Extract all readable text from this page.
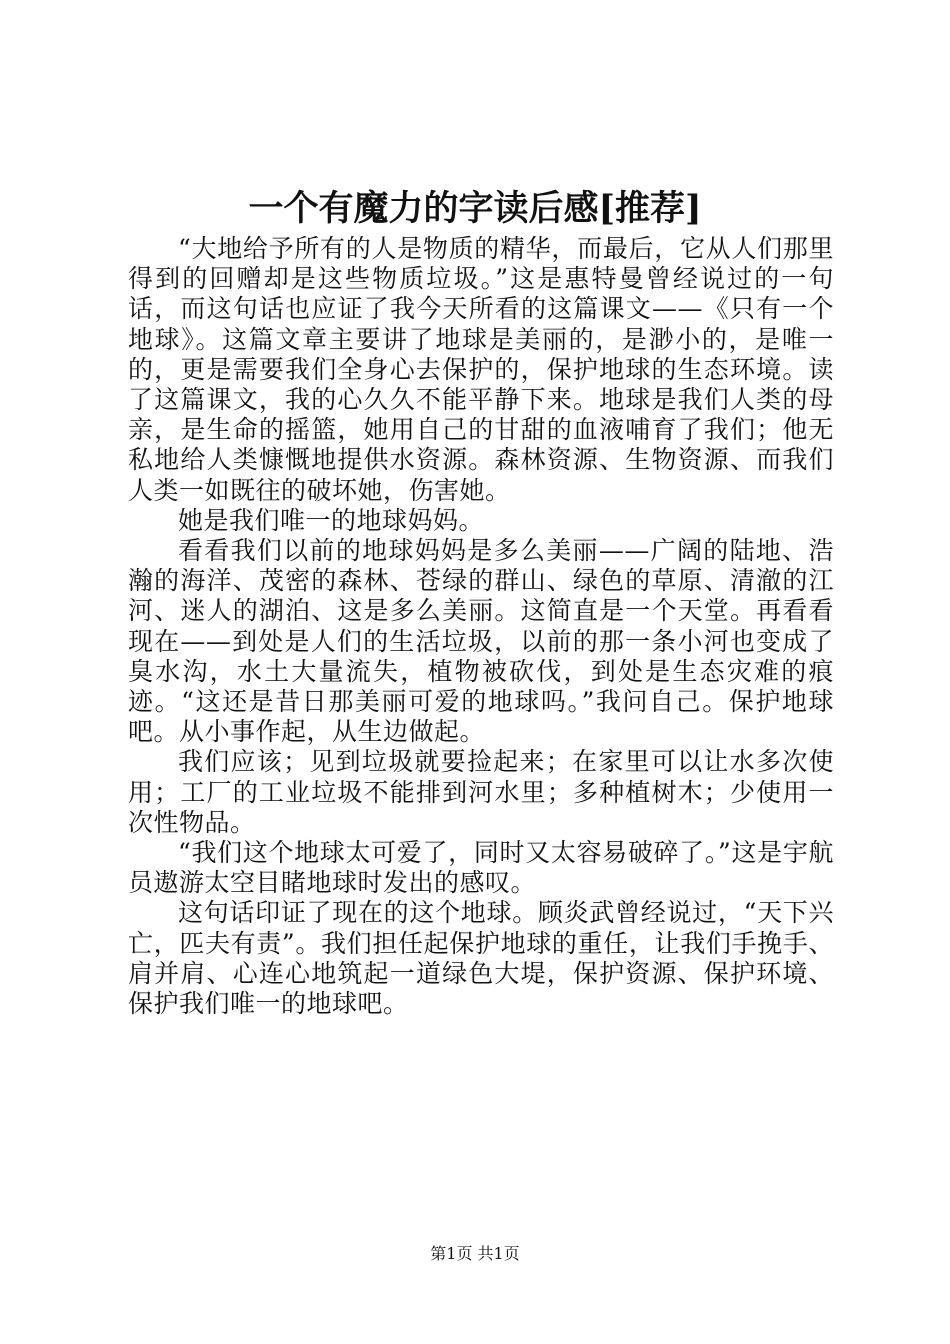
一个有魔力的字读后感[推荐]

“大地给予所有的人是物质的精华，而最后，它从人们那里得到的回赠却是这些物质垃圾。”这是惠特曼曾经说过的一句话，而这句话也应证了我今天所看的这篇课文——《只有一个地球》。这篇文章主要讲了地球是美丽的，是渺小的，是唯一的，更是需要我们全身心去保护的，保护地球的生态环境。读了这篇课文，我的心久久不能平静下来。地球是我们人类的母亲，是生命的摇篮，她用自己的甘甜的血液哺育了我们；他无私地给人类慷慨地提供水资源。森林资源、生物资源、而我们人类一如既往的破坏她，伤害她。

她是我们唯一的地球妈妈。

看看我们以前的地球妈妈是多么美丽——广阔的陆地、浩瀚的海洋、茂密的森林、苍绿的群山、绿色的草原、清澈的江河、迷人的湖泊、这是多么美丽。这简直是一个天堂。再看看现在——到处是人们的生活垃圾，以前的那一条小河也变成了臭水沟，水土大量流失，植物被砍伐，到处是生态灾难的痕迹。“这还是昔日那美丽可爱的地球吗。”我问自己。保护地球吧。从小事作起，从生边做起。

我们应该；见到垃圾就要捡起来；在家里可以让水多次使用；工厂的工业垃圾不能排到河水里；多种植树木；少使用一次性物品。

“我们这个地球太可爱了，同时又太容易破碎了。”这是宇航员遨游太空目睹地球时发出的感叹。

这句话印证了现在的这个地球。顾炎武曾经说过，“天下兴亡，匹夫有责”。我们担任起保护地球的重任，让我们手挽手、肩并肩、心连心地筑起一道绿色大堤，保护资源、保护环境、保护我们唯一的地球吧。

第1页 共1页
